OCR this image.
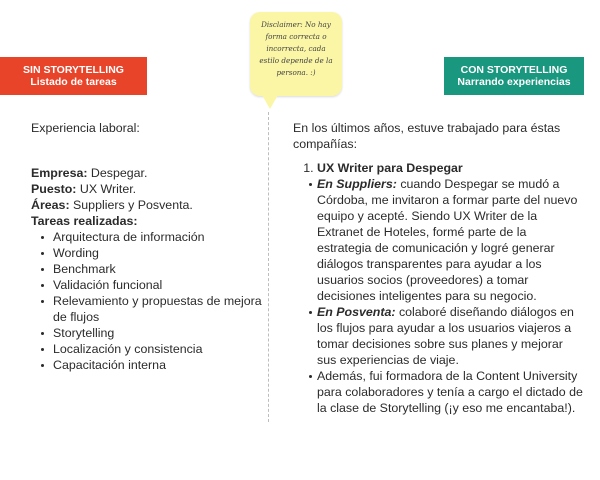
SIN STORYTELLING
Listado de tareas
Disclaimer: No hay forma correcta o incorrecta, cada estilo depende de la persona. :)	CON STORYTELLING
Narrando experiencias

Experiencia laboral:

Empresa: Despegar.

Puesto: UX Writer.

Áreas: Suppliers y Posventa.

Tareas realizadas:

Arquitectura de información
Wording
Benchmark
Validación funcional
Relevamiento y propuestas de mejora de flujos
Storytelling
Localización y consistencia
Capacitación interna

En los últimos años, estuve trabajado para éstas compañías:

1. UX Writer para Despegar
En Suppliers: cuando Despegar se mudó a Córdoba, me invitaron a formar parte del nuevo equipo y acepté. Siendo UX Writer de la Extranet de Hoteles, formé parte de la estrategia de comunicación y logré generar diálogos transparentes para ayudar a los usuarios socios (proveedores) a tomar decisiones inteligentes para su negocio.
En Posventa: colaboré diseñando diálogos en los flujos para ayudar a los usuarios viajeros a tomar decisiones sobre sus planes y mejorar sus experiencias de viaje.
Además, fui formadora de la Content University para colaboradores y tenía a cargo el dictado de la clase de Storytelling (¡y eso me encantaba!).
